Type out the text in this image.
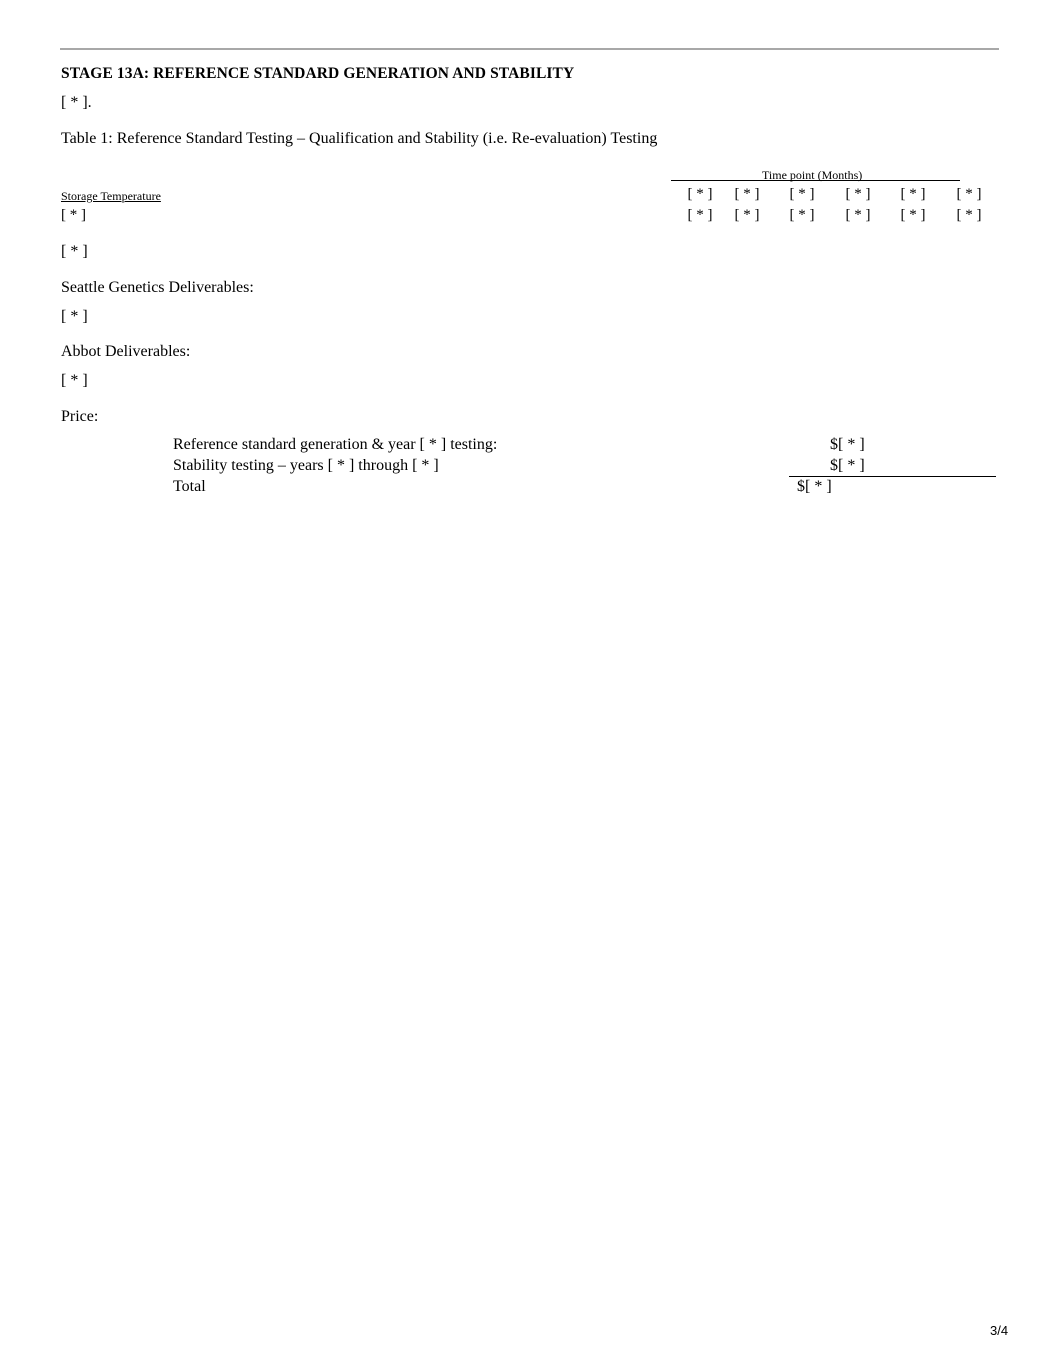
STAGE 13A: REFERENCE STANDARD GENERATION AND STABILITY
[ * ].
Table 1: Reference Standard Testing – Qualification and Stability (i.e. Re-evaluation) Testing
Time point (Months)
Storage Temperature	[ * ]	[ * ]	[ * ]	[ * ]	[ * ]	[ * ]
[ * ]	[ * ]	[ * ]	[ * ]	[ * ]	[ * ]	[ * ]
[ * ]
Seattle Genetics Deliverables:
[ * ]
Abbot Deliverables:
[ * ]
Price:
Reference standard generation & year [ * ] testing:	$[ * ]
Stability testing – years [ * ] through [ * ]	$[ * ]
Total	$[ * ]
3/4
